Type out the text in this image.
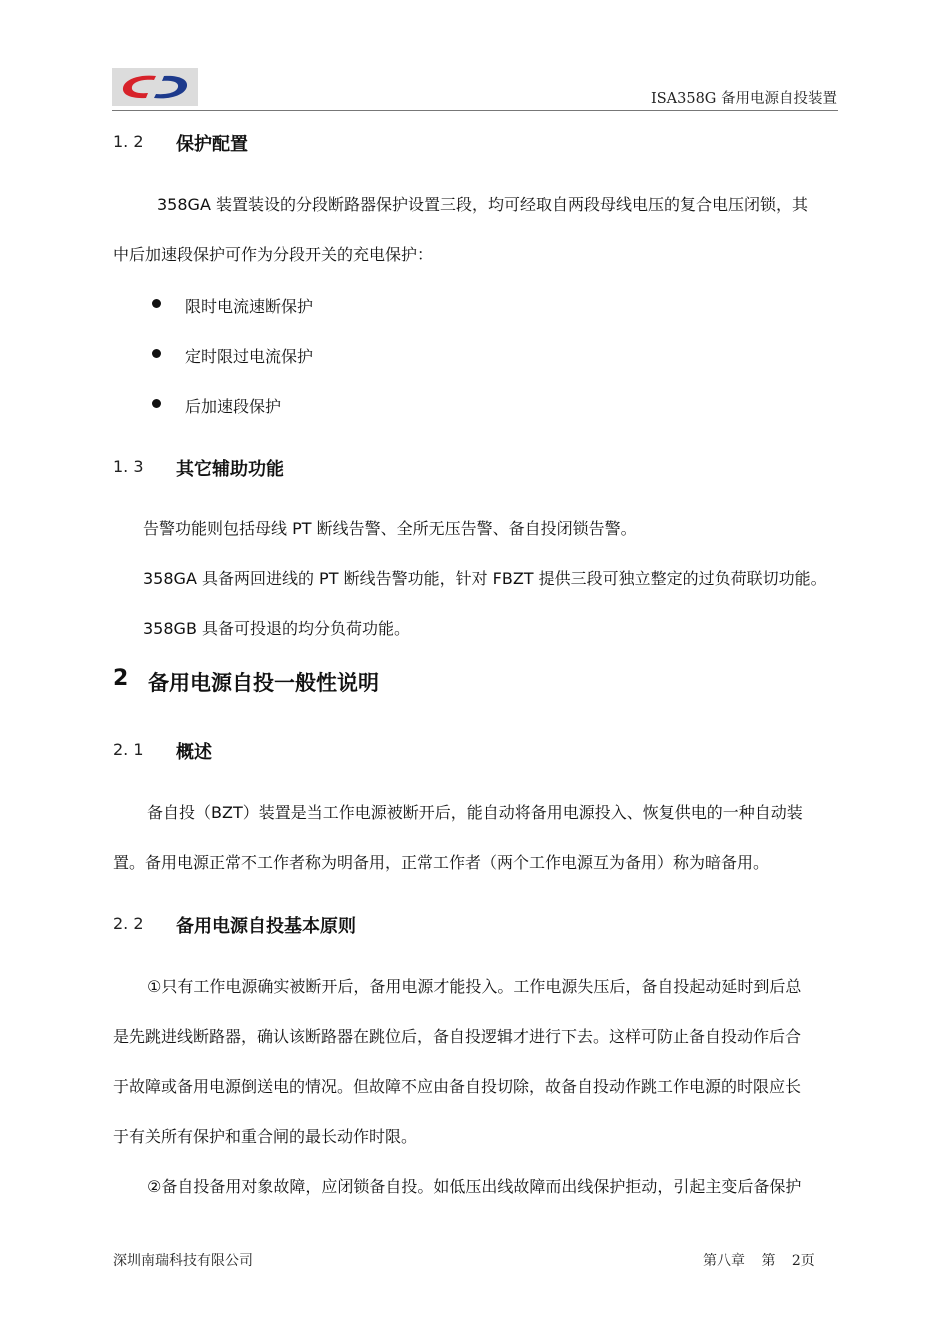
ISA358G 备用电源自投装置
1. 2 保护配置
358GA 装置装设的分段断路器保护设置三段，均可经取自两段母线电压的复合电压闭锁，其
中后加速段保护可作为分段开关的充电保护：
限时电流速断保护
定时限过电流保护
后加速段保护
1. 3 其它辅助功能
告警功能则包括母线 PT 断线告警、全所无压告警、备自投闭锁告警。
358GA 具备两回进线的 PT 断线告警功能，针对 FBZT 提供三段可独立整定的过负荷联切功能。
358GB 具备可投退的均分负荷功能。
2 备用电源自投一般性说明
2. 1 概述
备自投（BZT）装置是当工作电源被断开后，能自动将备用电源投入、恢复供电的一种自动装
置。备用电源正常不工作者称为明备用，正常工作者（两个工作电源互为备用）称为暗备用。
2. 2 备用电源自投基本原则
①只有工作电源确实被断开后，备用电源才能投入。工作电源失压后，备自投起动延时到后总
是先跳进线断路器，确认该断路器在跳位后，备自投逻辑才进行下去。这样可防止备自投动作后合
于故障或备用电源倒送电的情况。但故障不应由备自投切除，故备自投动作跳工作电源的时限应长
于有关所有保护和重合闸的最长动作时限。
②备自投备用对象故障，应闭锁备自投。如低压出线故障而出线保护拒动，引起主变后备保护
深圳南瑞科技有限公司	第八章 第 2页
